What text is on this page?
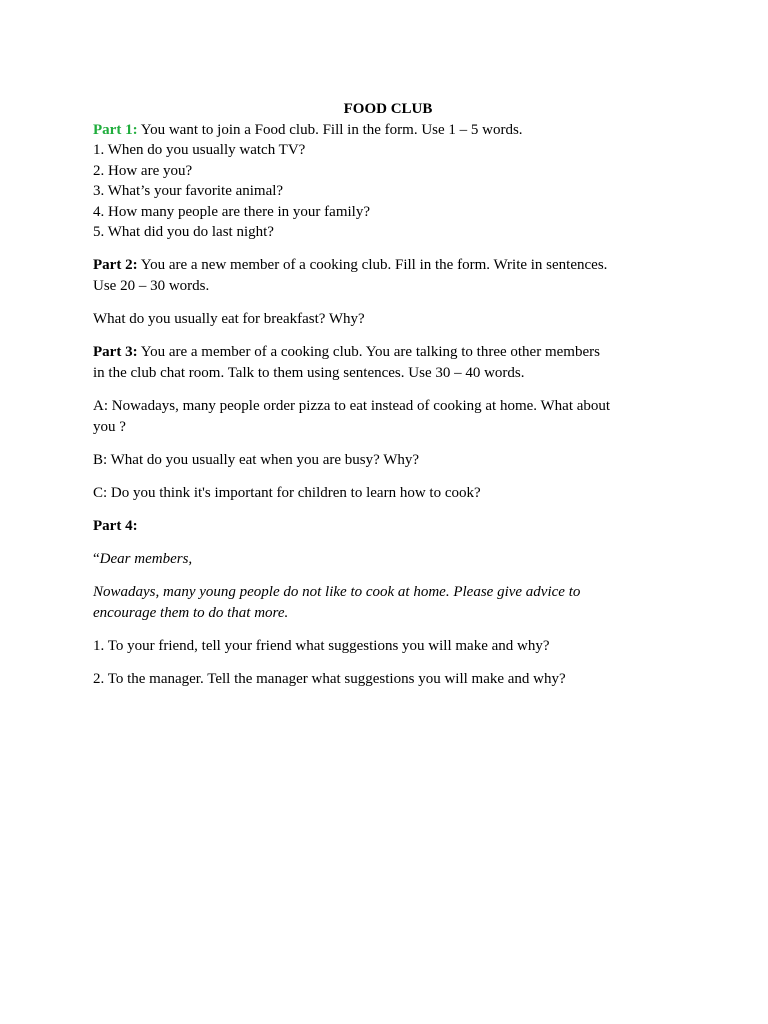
FOOD CLUB

Part 1: You want to join a Food club. Fill in the form. Use 1 – 5 words.

1. When do you usually watch TV?

2. How are you?

3. What’s your favorite animal?

4. How many people are there in your family?

5. What did you do last night?

Part 2: You are a new member of a cooking club. Fill in the form. Write in sentences.

Use 20 – 30 words.

What do you usually eat for breakfast? Why?

Part 3: You are a member of a cooking club. You are talking to three other members

in the club chat room. Talk to them using sentences. Use 30 – 40 words.

A: Nowadays, many people order pizza to eat instead of cooking at home. What about

you ?

B: What do you usually eat when you are busy? Why?

C: Do you think it's important for children to learn how to cook?

Part 4:

“Dear members,

Nowadays, many young people do not like to cook at home. Please give advice to

encourage them to do that more.

1. To your friend, tell your friend what suggestions you will make and why?

2. To the manager. Tell the manager what suggestions you will make and why?
